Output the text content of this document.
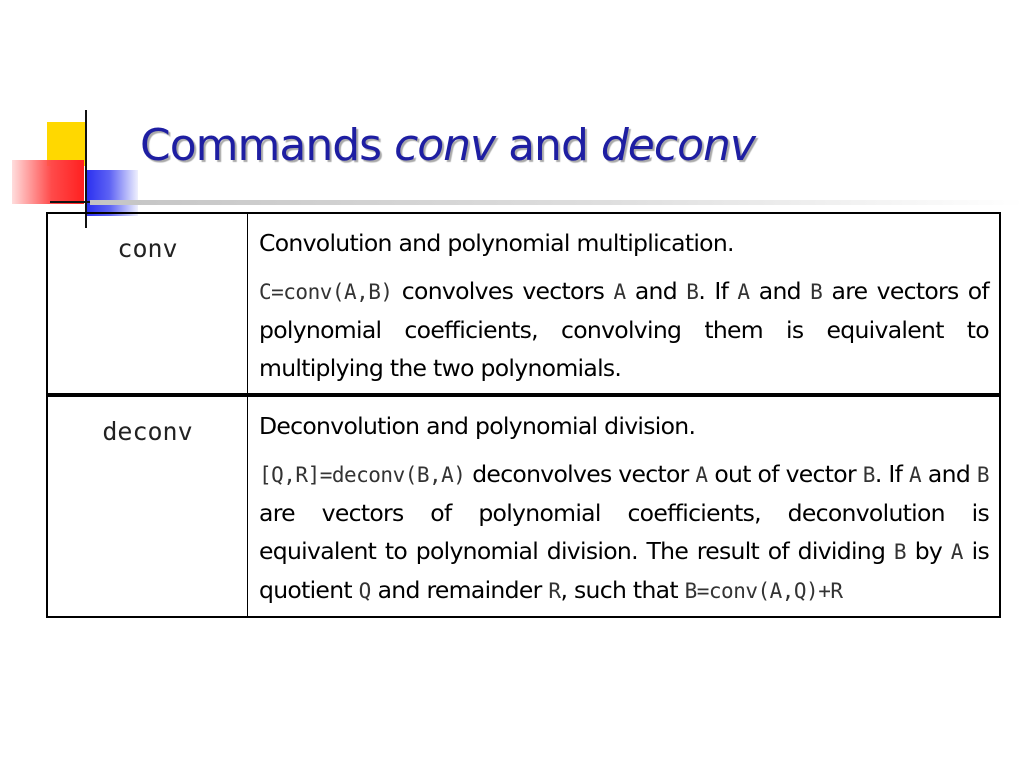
Commands conv and deconv
conv	Convolution and polynomial multiplication.

C=conv(A,B) convolves vectors A and B. If A and B are vectors of polynomial coefficients, convolving them is equivalent to multiplying the two polynomials.

deconv	Deconvolution and polynomial division.

[Q,R]=deconv(B,A) deconvolves vector A out of vector B. If A and B are vectors of polynomial coefficients, deconvolution is equivalent to polynomial division. The result of dividing B by A is quotient Q and remainder R, such that B=conv(A,Q)+R
